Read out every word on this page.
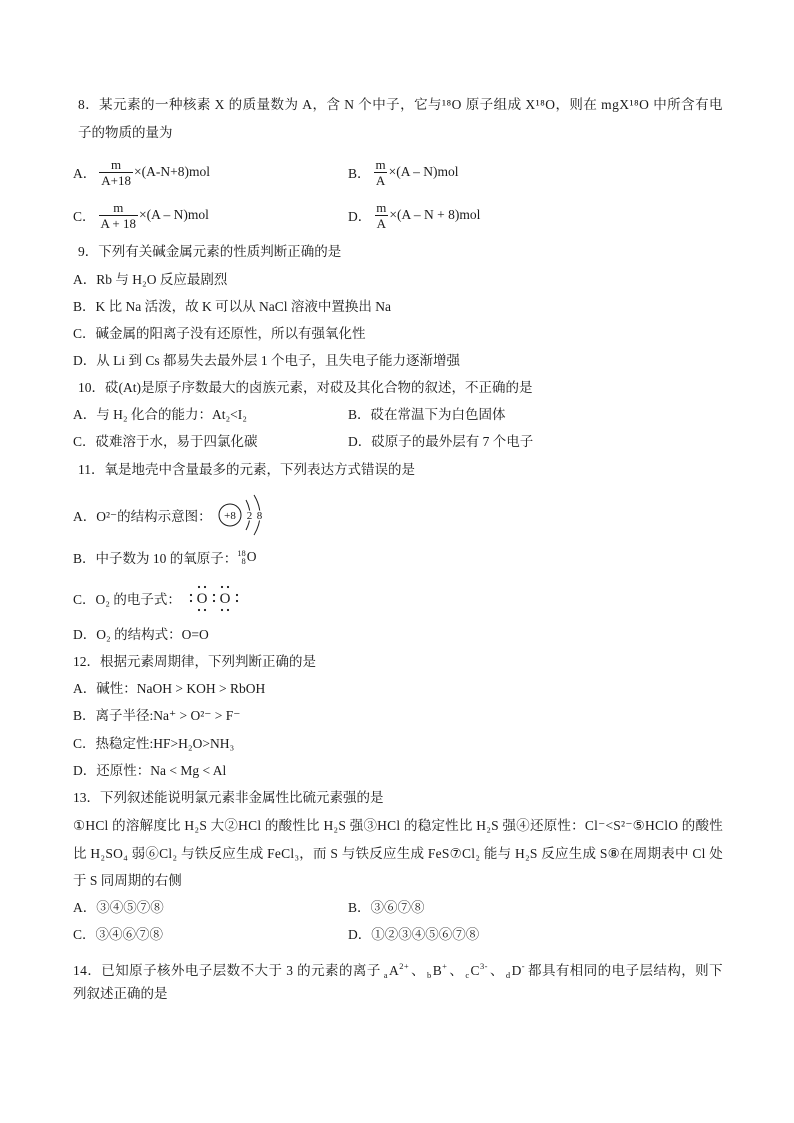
8．某元素的一种核素 X 的质量数为 A，含 N 个中子，它与¹⁸O 原子组成 X¹⁸O，则在 mgX¹⁸O 中所含有电
子的物质的量为
A． $\frac{m}{A+18} \times(A-N+8)mol$	B． $\frac{m}{A} \times(A - N)mol$
C． $\frac{m}{A + 18} \times(A - N)mol$	D． $\frac{m}{A} \times(A - N + 8)mol$
9．下列有关碱金属元素的性质判断正确的是
A．Rb 与 H₂O 反应最剧烈
B．K 比 Na 活泼，故 K 可以从 NaCl 溶液中置换出 Na
C．碱金属的阳离子没有还原性，所以有强氧化性
D．从 Li 到 Cs 都易失去最外层 1 个电子，且失电子能力逐渐增强
10．砹(At)是原子序数最大的卤族元素，对砹及其化合物的叙述，不正确的是
A．与 H₂ 化合的能力：At₂<I₂	B．砹在常温下为白色固体
C．砹难溶于水，易于四氯化碳	D．砹原子的最外层有 7 个电子
11．氧是地壳中含量最多的元素，下列表达方式错误的是
A． O²⁻的结构示意图： +8 2 8
B． 中子数为 10 的氧原子： 18
8 O
C． O₂ 的电子式： O O
D．O₂ 的结构式：O=O
12．根据元素周期律，下列判断正确的是
A．碱性：NaOH > KOH > RbOH
B．离子半径:Na⁺ > O²⁻ > F⁻
C．热稳定性:HF>H₂O>NH₃
D．还原性：Na < Mg < Al
13．下列叙述能说明氯元素非金属性比硫元素强的是
①HCl 的溶解度比 H₂S 大②HCl 的酸性比 H₂S 强③HCl 的稳定性比 H₂S 强④还原性：Cl⁻<S²⁻⑤HClO 的酸性
比 H₂SO₄ 弱⑥Cl₂ 与铁反应生成 FeCl₃，而 S 与铁反应生成 FeS⑦Cl₂ 能与 H₂S 反应生成 S⑧在周期表中 Cl 处
于 S 同周期的右侧
A．③④⑤⑦⑧	B．③⑥⑦⑧
C．③④⑥⑦⑧	D．①②③④⑤⑥⑦⑧
14．已知原子核外电子层数不大于 3 的元素的离子 $_aA^{2+}$ 、 $_b$B+ 、 $_cC^{3-}$ 、 $_d$D- 都具有相同的电子层结构，则下
列叙述正确的是
